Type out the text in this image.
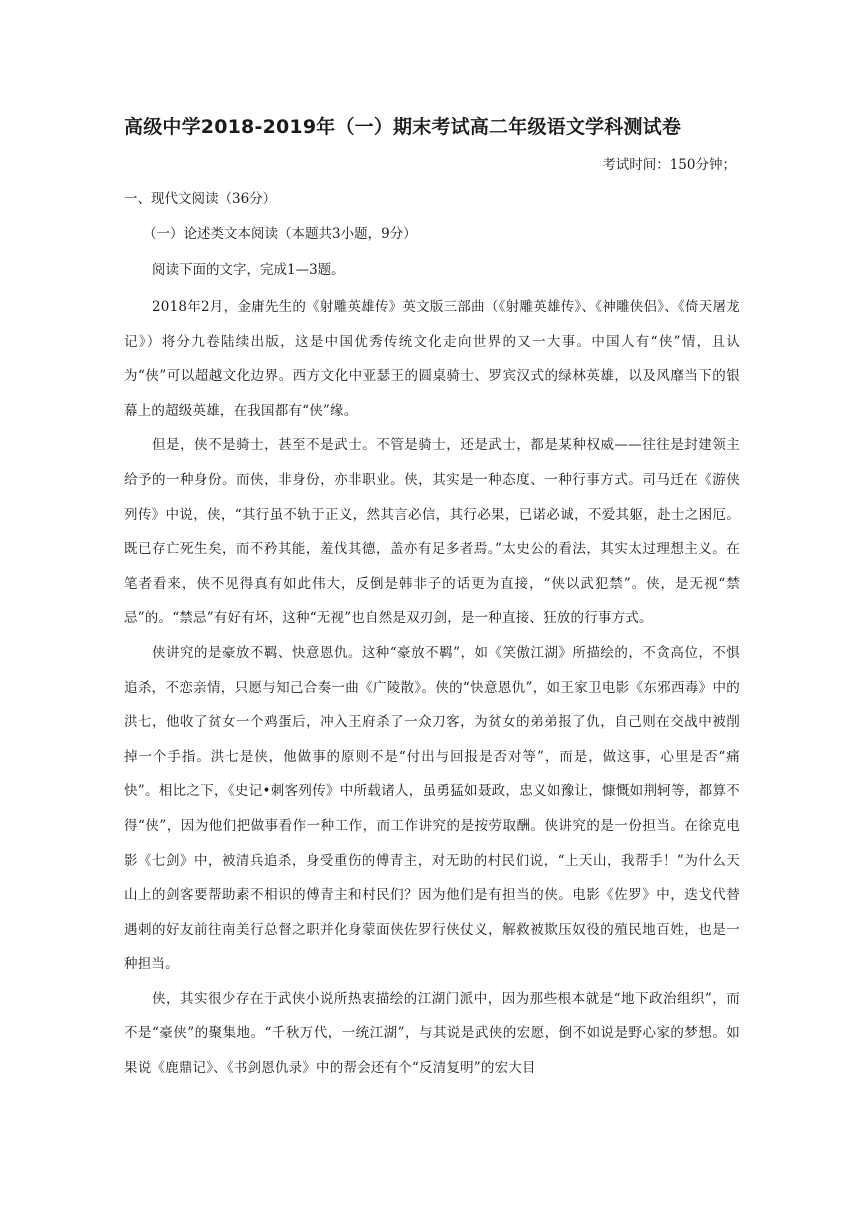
高级中学2018-2019年（一）期末考试高二年级语文学科测试卷
考试时间：150分钟；
一、现代文阅读（36分）
（一）论述类文本阅读（本题共3小题，9分）
阅读下面的文字，完成1—3题。

2018年2月，金庸先生的《射雕英雄传》英文版三部曲（《射雕英雄传》、《神雕侠侣》、《倚天屠龙记》）将分九卷陆续出版，这是中国优秀传统文化走向世界的又一大事。中国人有“侠”情，且认为“侠”可以超越文化边界。西方文化中亚瑟王的圆桌骑士、罗宾汉式的绿林英雄，以及风靡当下的银幕上的超级英雄，在我国都有“侠”缘。

但是，侠不是骑士，甚至不是武士。不管是骑士，还是武士，都是某种权威——往往是封建领主给予的一种身份。而侠，非身份，亦非职业。侠，其实是一种态度、一种行事方式。司马迁在《游侠列传》中说，侠，“其行虽不轨于正义，然其言必信，其行必果，已诺必诚，不爱其躯，赴士之困厄。既已存亡死生矣，而不矜其能，羞伐其德，盖亦有足多者焉。”太史公的看法，其实太过理想主义。在笔者看来，侠不见得真有如此伟大，反倒是韩非子的话更为直接，“侠以武犯禁”。侠，是无视“禁忌”的。“禁忌”有好有坏，这种“无视”也自然是双刃剑，是一种直接、狂放的行事方式。

侠讲究的是豪放不羁、快意恩仇。这种“豪放不羁”，如《笑傲江湖》所描绘的，不贪高位，不惧追杀，不恋亲情，只愿与知己合奏一曲《广陵散》。侠的“快意恩仇”，如王家卫电影《东邪西毒》中的洪七，他收了贫女一个鸡蛋后，冲入王府杀了一众刀客，为贫女的弟弟报了仇，自己则在交战中被削掉一个手指。洪七是侠，他做事的原则不是“付出与回报是否对等”，而是，做这事，心里是否“痛快”。相比之下，《史记•刺客列传》中所载诸人，虽勇猛如聂政，忠义如豫让，慷慨如荆轲等，都算不得“侠”，因为他们把做事看作一种工作，而工作讲究的是按劳取酬。侠讲究的是一份担当。在徐克电影《七剑》中，被清兵追杀，身受重伤的傅青主，对无助的村民们说，“上天山，我帮手！”为什么天山上的剑客要帮助素不相识的傅青主和村民们？因为他们是有担当的侠。电影《佐罗》中，迭戈代替遇刺的好友前往南美行总督之职并化身蒙面侠佐罗行侠仗义，解救被欺压奴役的殖民地百姓，也是一种担当。

侠，其实很少存在于武侠小说所热衷描绘的江湖门派中，因为那些根本就是“地下政治组织”，而不是“豪侠”的聚集地。“千秋万代，一统江湖”，与其说是武侠的宏愿，倒不如说是野心家的梦想。如果说《鹿鼎记》、《书剑恩仇录》中的帮会还有个“反清复明”的宏大目
